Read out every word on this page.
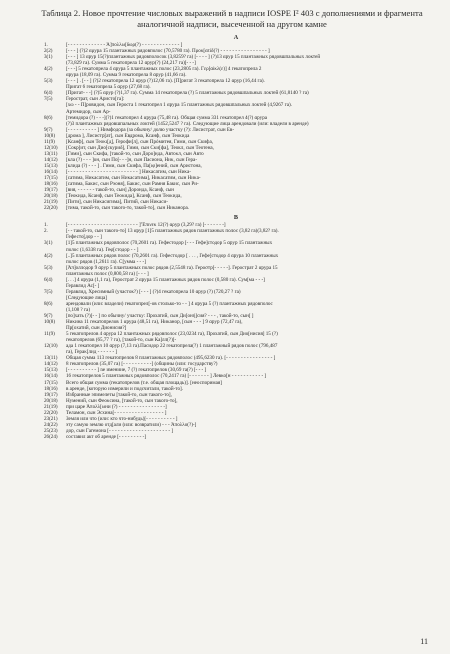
Таблица 2. Новое прочтение числовых выражений в надписи IOSPE I² 403 с дополнениями и фрагмента аналогичной надписи, высеченной на другом камне
А
1.	[- - - - - - - - - - - - - Ἀ]πολλω[δωρ(?) - - - - - - - - - - - - - ]
2(2)	[- - - ] (?)2 αρура 15 плантажных рядовполос (70,5780 га). Προκ[ατίδ(?) - - - - - - - - - - - - - - - - ]
3(1)	[- - - ] 13 αрур 15(?)плантажных рядовполосок (3,8259? га) [- - - - ] (?)13 αрур 15 плантажных рядовшпальных локтей
(73,829 га). Сумма 5 гекатопрела 12 αрур(?) (24,217 га)[- - -]
4(2)	[- - -] 5 гекатопрела 4 αрура 5 плантажных полос (23,2805 га). Гερ[αίκλ(ε)] 4 гекатопрела 2
αрура (18,09 га). Сумма 9 гекатопрела 8 αрур (41,66 га).
5(3)	[- - - ] . [- - ] (?)2 гекатопрела 12 αрур (?)12,06 га). [П]ригат 3 гекатопрела 12 αрур (16,44 га).
Пригат 6 гекатопрела 5 αрур (27,68 га).
6(4)	[Пригат- - -] (?)5 αрур (?)1,37 га). Сумма 14 гекатопрела (?) 5 плантажных рядовшпальных локтей (61,8140 ? га)
7(5)	Героcтрат, сын Аристо[га]:
[хω - - П]ровидон, сын Героcта 1 гекатопрел 1 αрура 15 плантажных рядовшпальных локтей (4,9267 га).
Артемидор, сын Ар-
8(6)	[темидора (?) - - -](?)1 гекатопрел 4 αрура (75,48 га). Общая сумма 331 гекатопрел 4(?) αрура
(?)3 плантажных рядовшпальных локтей (1452,5247 ? га). Следующие лица арендовали (или: владели в аренде)
9(7)	[- - - - - - - - - - ] Нимфодора (за обычну/ долю участку (?): Лисистрат, сын Ев-
10(8)	[дрома ], Лисистр[ат], сын Евдрома, Ксанф, сын Теокида
11(9)	[Ксанф], сын Теоκι[д], Герофи[л], сын Прόмитея, Гими, сын Скифа,
12(10)	[Сокр]ит, сын Дио[скуриδ], Гими, сын Сκи[фа], Теокл, сын Теотена,
13(11)	[Гими], сын Скифа, [такой-то, сын Доро]нда, Автоκл, сын Авто
14(12)	[кла (?) - - - ]он, сын По[- - -]н, сын Пасиона, Ниκ, сын Гера-
15(13)	[клида (?) - - - ] . Гими, сын Скифа, Па[ιφ]ений, сын Аристона,
16(14)	[- - - - - - - - - - - - - - - - - - - - - - - - ] Ниκасатим, сын Ниκа-
17(15)	[сатима, Ниκасатим, сын Ниκасатима], Ниκасатим, сын Ниκа-
18(16)	[сатима, Бакис, сын Рэоня], Бакис, сын Рамня Бакис, сын Ри-
19(17)	[вия, - - - - - - такой-то, сын] Доронда, Ксанф, сын
20(18)	[Теоκида, Ксанф, сын Теоκида], Ксанф, сын Теоκида,
21(19)	[Пити], сын Ниκасигима], Питий, сын Ниκаси-
22(20)	[тима, такой-то, сын такого-то, такой-то], сын Ниκанора.
В
1.	[- - - - - - - - - - - - - - - - - - - - - - - - ]'Ἐπινεκ 12(?) αρур (3,29? га) [- - - - - - -]
2.	[- - такой-то, сын такого-то] 13 αрур [1]5 плантажных рядов плантажных полос (3,82 га)(3,82? га).
Гефесто[дор - - ]
3(1)	[1]5 плантажных рядовполос (70,2601 га). Гефестодор [- - - Гефе]стодор 5 αрур 15 плантажных
полос (1,6338 га). Геφ[стодор - - ]
4(2)	[..]5 плантажных рядов полос (70,2601 га). Гефестодор [ . . . , Гефе]стодор 4 αрура 10 плантажных
полос рядов (1,2611 га). С[умма - - -]
5(3)	[Ἀπ]оллодор 9 αрур 5 плантажных полос рядов (2,5548 га). Героσтр[- - - - -]. Героcтрат 2 αрура 15
плантажных полос (0,800,58 га) [- - - ]
6(4)	[. . .] 4 αрура (1,1 га), Героcтрат 2 αрура 15 плантажных рядов полос (0,580 га). Сум[ма - - -]
Геравлид Ас[- ]
7(5)	Геравлид, Хресимный (участок?) [- - - ] (?)4 гекатопрела 10 αрур (?) (720,27 ? га)
[Следующие лица]
8(6)	арендовали (или: владели) гекатопрел[-ов столько-то - - ] 4 αрура 5 (?) плантажных рядовполос
(1,108 ? га)
9(7)	[по]хать (?)[- - ] по обычну/ участку: Прохатий, сын Ди[онή]сия? - - - , такой-то, сын[ ]
10(8)	Ниκина 11 гекатопрелов 1 αрура (48,51 га), Ниκанор, [сын - - - ] 9 αрур (72,47 га),
Пр[охатий, сын Дионисия?]
11(9)	5 гекатопрелов 4 αрура 12 плантажных рядовполос (23,0234 га), Прохатий, сын Дио[нисия] 15 (?)
гекатопрелов (65,77 ? га), [такой-то, сын Ка]лл(?)[-
12(10)	ада 1 гекатопрел 10 αрур (7,13 га).Пасидор 22 гекатопрела(?) 1 плантажный рядов полос (796,487
га), Гераκ[лид - - - - - - ]
13(11)	Общая сумма 113 гекатопрелов 8 плантажных рядовполос (495,6230 га). [- - - - - - - - - - - - - - - - ]
14(12)	8 гекатопрелов (35,07 га) [- - - - - - - - - -] (общины (или: государству?)
15(13)	[- - - - - - - - - - ] ne имениие, 7 (?) гекатопрелов (30,69 га(?) [- - - ]
16(14)	16 гекатопрелов 5 плантажных рядовполос (70,2417 га) [- - - - - - - ] Левκο[н - - - - - - - - - - - ]
17(15)	Всего общая сумма (гекатопрелов (т.е. общая площадь)]. [неоспоримая]
18(16)	в аренде, [которую измерили и подсчитали, такой-то].
19(17)	Избранные эпимелеты [такой-то, сын такого-то],
20(18)	Нумений, сын Феοκсина, [такой-то, сын такого-то],
21(19)	при царе Ἀπολλ[ωни (?) - - - - - - - - - - - - - - - -]
22(20)	Теламон, сын Эсхина[- - - - - - - - - - - - - - - - - ]
23(21)	Земля или что (или: кто что-нибудь)[- - - - - - - - - - ]
24(22)	эту самую землю отд[али (или: возвратили) - - - Ἀπολλο(?)-]
25(23)	дор, сын Гагемона [- - - - - - - - - - - - - - - - - - - - - ]
26(24)	составил акт об аренде [- - - - - - - - -]
11
